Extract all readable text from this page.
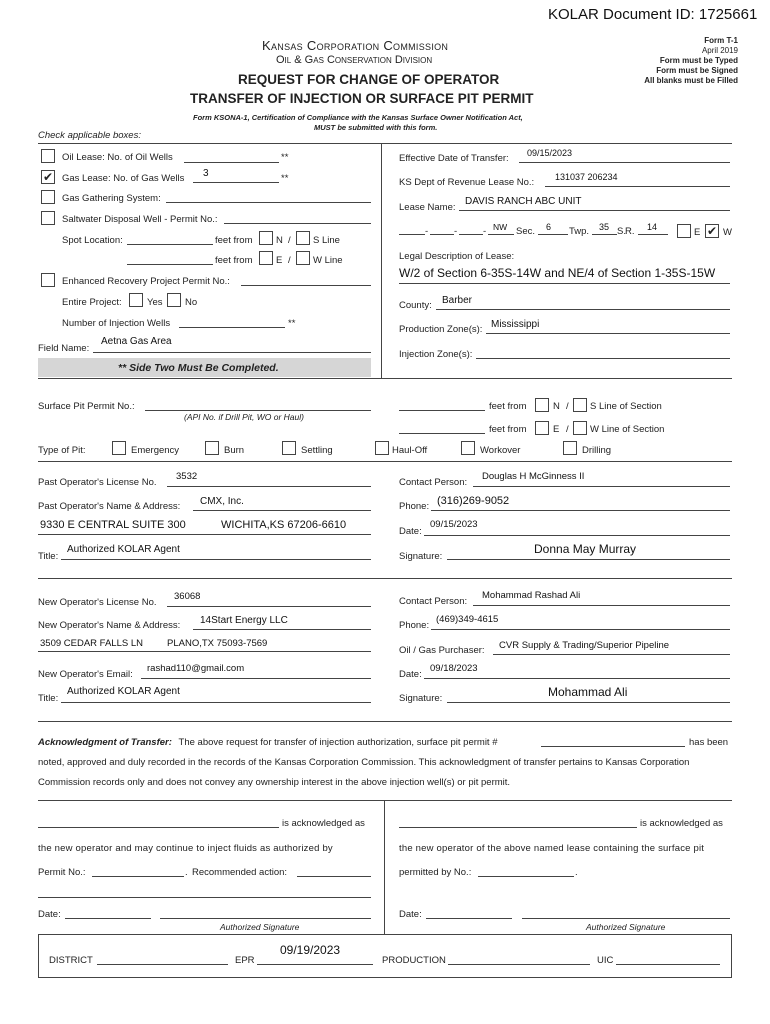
KOLAR Document ID: 1725661
Kansas Corporation Commission
Oil & Gas Conservation Division
REQUEST FOR CHANGE OF OPERATOR
TRANSFER OF INJECTION OR SURFACE PIT PERMIT
Form KSONA-1, Certification of Compliance with the Kansas Surface Owner Notification Act,
MUST be submitted with this form.
Form T-1
April 2019
Form must be Typed
Form must be Signed
All blanks must be Filled
Check applicable boxes:
Oil Lease: No. of Oil Wells	**
✔ Gas Lease: No. of Gas Wells 3	**
Gas Gathering System:
Saltwater Disposal Well - Permit No.:
Spot Location:	feet from N / S Line
feet from E / W Line
Enhanced Recovery Project Permit No.:
Entire Project:	Yes No
Number of Injection Wells	**
Field Name:
Aetna Gas Area
** Side Two Must Be Completed.
Effective Date of Transfer: 09/15/2023
KS Dept of Revenue Lease No.: 131037 206234
Lease Name:
DAVIS RANCH ABC UNIT
-	-	- NW Sec. 6 Twp. 35 S. R. 14	E ✔ W
Legal Description of Lease:
W/2 of Section 6-35S-14W and NE/4 of Section 1-35S-15W
County: Barber
Production Zone(s): Mississippi
Injection Zone(s):
Surface Pit Permit No.:
(API No. if Drill Pit, WO or Haul)
feet from	N / S Line of Section
feet from	E / W Line of Section
Type of Pit:	Emergency	Burn	Settling	Haul-Off	Workover	Drilling
Past Operator's License No.
3532
Past Operator's Name & Address: CMX, Inc.
9330 E CENTRAL SUITE 300	WICHITA,KS 67206-6610
Title:
Authorized KOLAR Agent
Contact Person:
Douglas H McGinness II
Phone: (316)269-9052
Date:
09/15/2023
Signature:
Donna May Murray
New Operator's License No.
36068
New Operator's Name & Address: 14Start Energy LLC
3509 CEDAR FALLS LN	PLANO,TX 75093-7569
New Operator's Email:
rashad110@gmail.com
Title:
Authorized KOLAR Agent
Contact Person:
Mohammad Rashad Ali
Phone:
(469)349-4615
Oil / Gas Purchaser: CVR Supply & Trading/Superior Pipeline
Date:
09/18/2023
Signature:	Mohammad Ali
Acknowledgment of Transfer: The above request for transfer of injection authorization, surface pit permit #	has been
noted, approved and duly recorded in the records of the Kansas Corporation Commission. This acknowledgment of transfer pertains to Kansas Corporation
Commission records only and does not convey any ownership interest in the above injection well(s) or pit permit.
is acknowledged as
the new operator and may continue to inject fluids as authorized by
Permit No.:	. Recommended action:
Date:
Authorized Signature
is acknowledged as
the new operator of the above named lease containing the surface pit
permitted by No.:	.
Date:
Authorized Signature
DISTRICT	EPR
09/19/2023
PRODUCTION	UIC
